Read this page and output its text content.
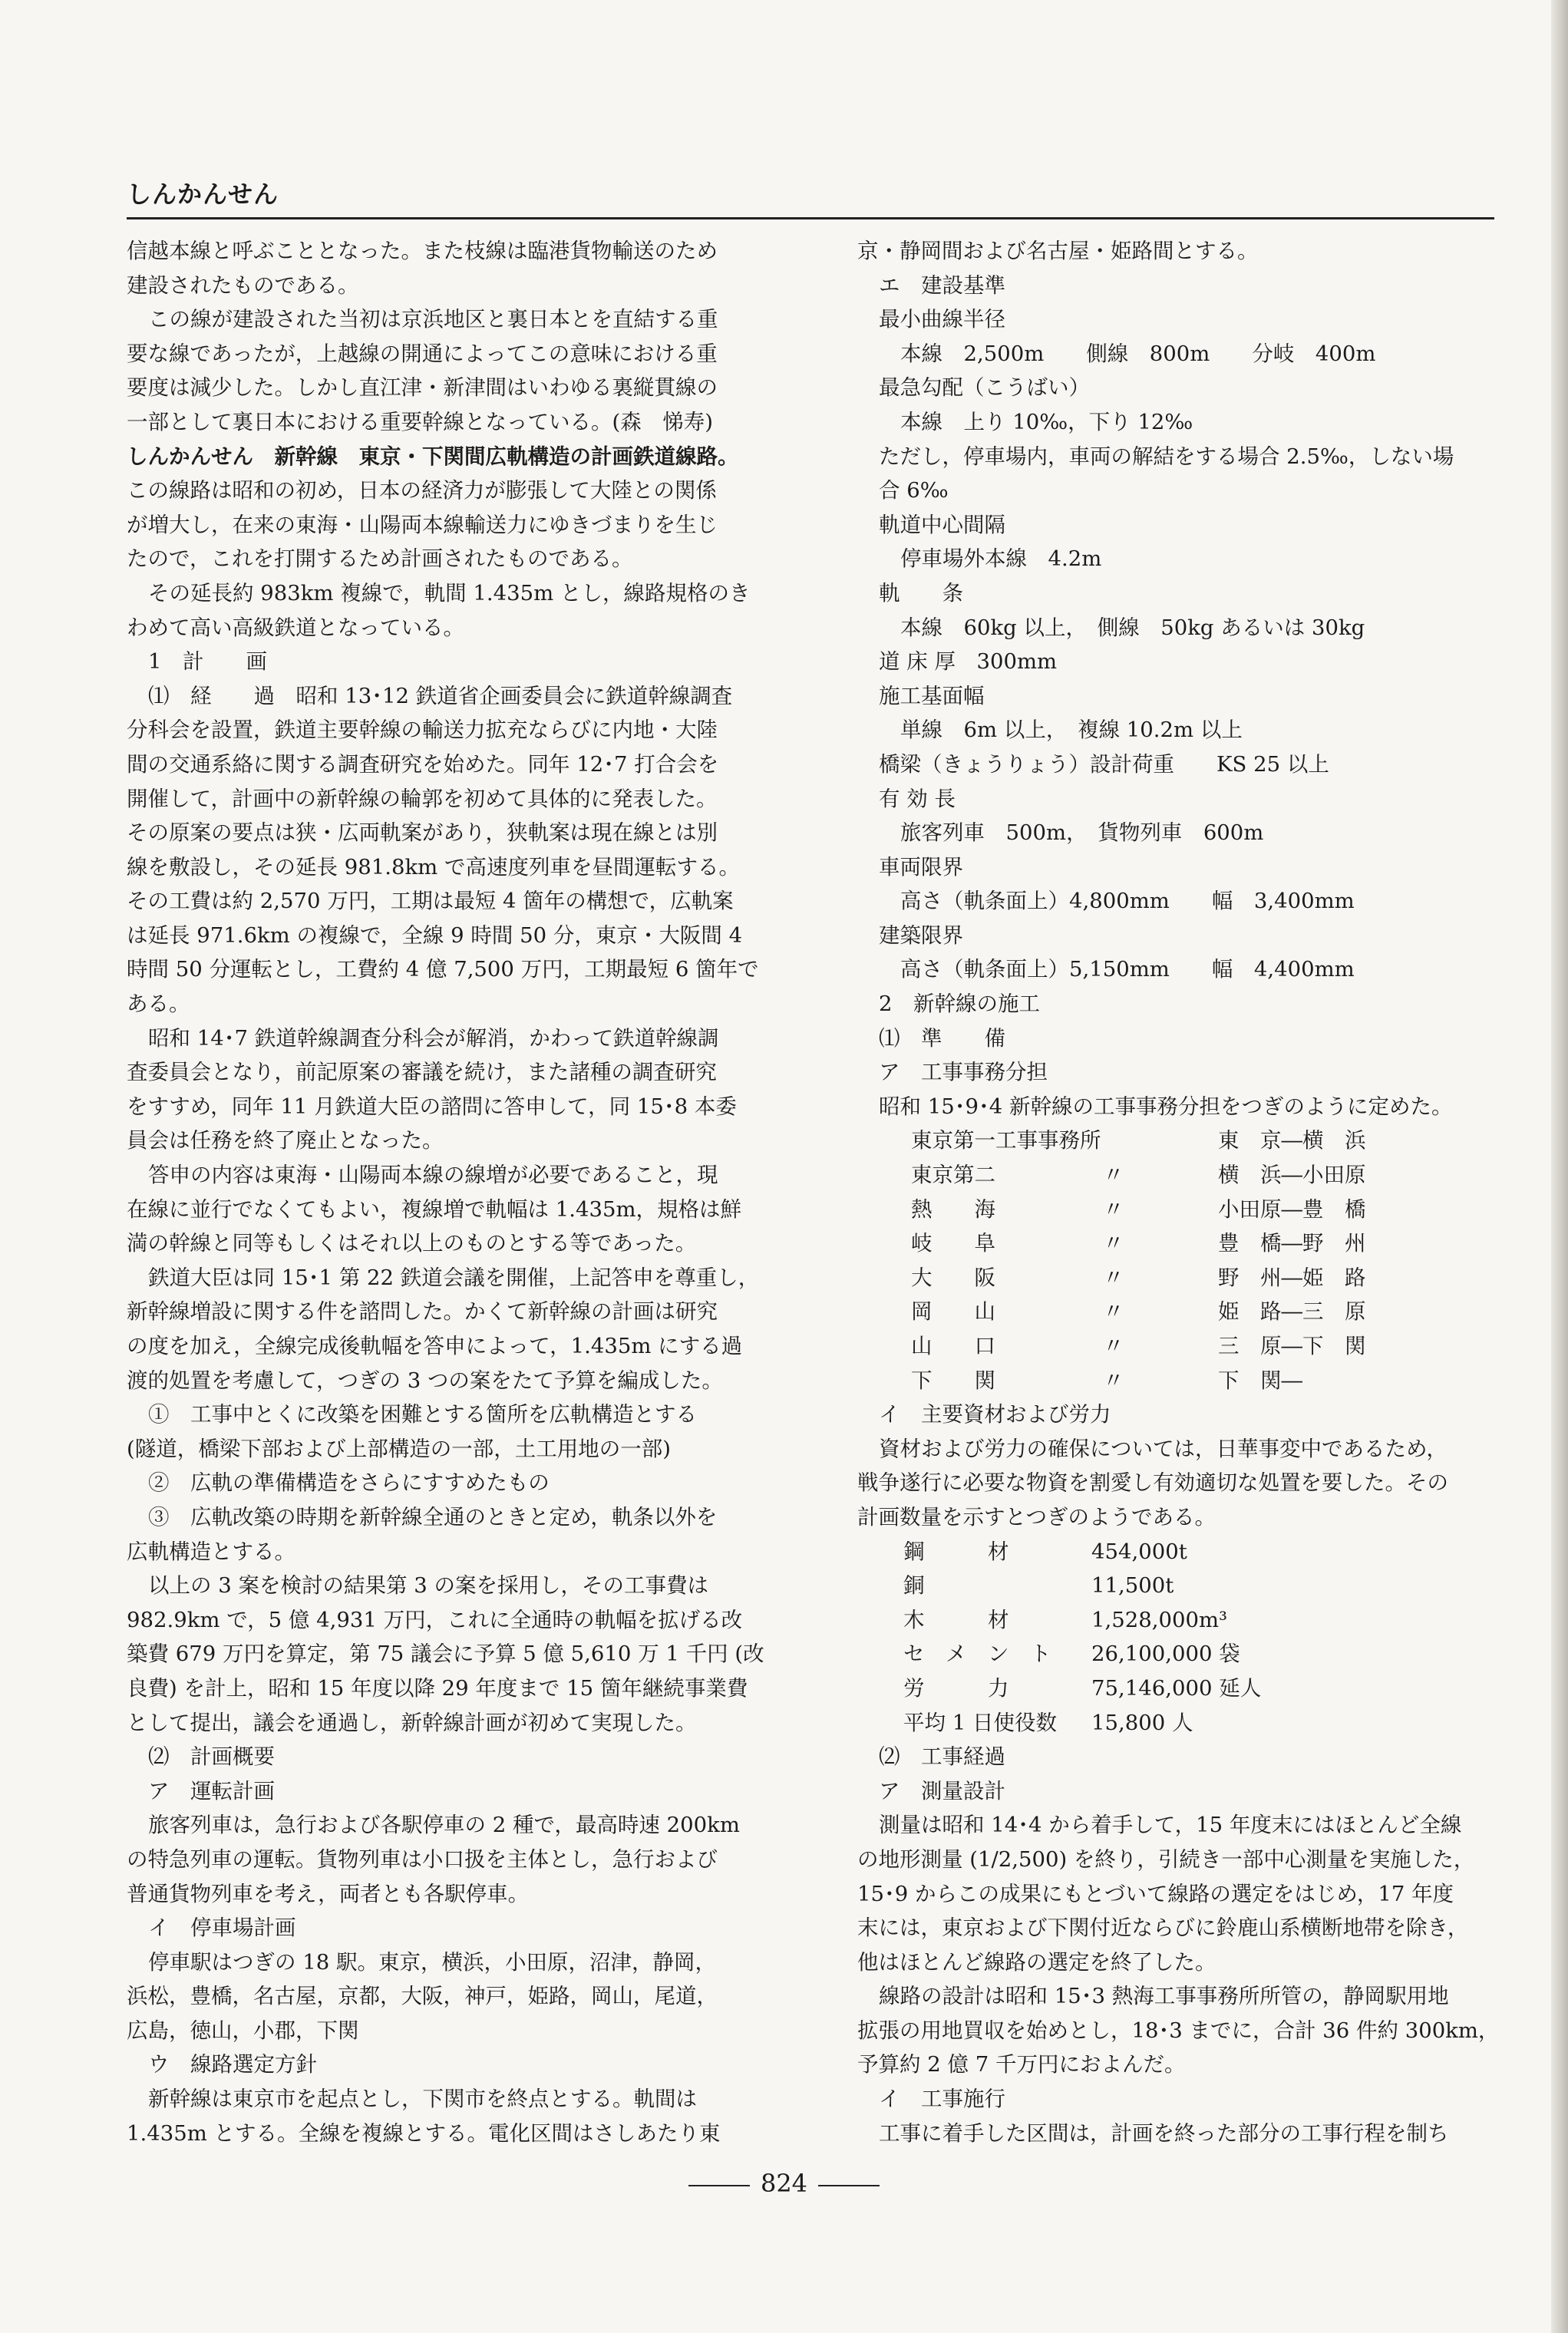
しんかんせん

信越本線と呼ぶこととなった。また枝線は臨港貨物輸送のため

建設されたものである。

この線が建設された当初は京浜地区と裏日本とを直結する重

要な線であったが，上越線の開通によってこの意味における重

要度は減少した。しかし直江津・新津間はいわゆる裏縦貫線の

一部として裏日本における重要幹線となっている。(森　悌寿)

しんかんせん　新幹線　東京・下関間広軌構造の計画鉄道線路。

この線路は昭和の初め，日本の経済力が膨張して大陸との関係

が増大し，在来の東海・山陽両本線輸送力にゆきづまりを生じ

たので，これを打開するため計画されたものである。

その延長約 983km 複線で，軌間 1.435m とし，線路規格のき

わめて高い高級鉄道となっている。

1　計　　画

⑴　経　　過　昭和 13･12 鉄道省企画委員会に鉄道幹線調査

分科会を設置，鉄道主要幹線の輸送力拡充ならびに内地・大陸

間の交通系絡に関する調査研究を始めた。同年 12･7 打合会を

開催して，計画中の新幹線の輪郭を初めて具体的に発表した。

その原案の要点は狭・広両軌案があり，狭軌案は現在線とは別

線を敷設し，その延長 981.8km で高速度列車を昼間運転する。

その工費は約 2,570 万円，工期は最短 4 箇年の構想で，広軌案

は延長 971.6km の複線で，全線 9 時間 50 分，東京・大阪間 4

時間 50 分運転とし，工費約 4 億 7,500 万円，工期最短 6 箇年で

ある。

昭和 14･7 鉄道幹線調査分科会が解消，かわって鉄道幹線調

査委員会となり，前記原案の審議を続け，また諸種の調査研究

をすすめ，同年 11 月鉄道大臣の諮問に答申して，同 15･8 本委

員会は任務を終了廃止となった。

答申の内容は東海・山陽両本線の線増が必要であること，現

在線に並行でなくてもよい，複線増で軌幅は 1.435m，規格は鮮

満の幹線と同等もしくはそれ以上のものとする等であった。

鉄道大臣は同 15･1 第 22 鉄道会議を開催，上記答申を尊重し，

新幹線増設に関する件を諮問した。かくて新幹線の計画は研究

の度を加え，全線完成後軌幅を答申によって，1.435m にする過

渡的処置を考慮して，つぎの 3 つの案をたて予算を編成した。

①　工事中とくに改築を困難とする箇所を広軌構造とする

(隧道，橋梁下部および上部構造の一部，土工用地の一部)

②　広軌の準備構造をさらにすすめたもの

③　広軌改築の時期を新幹線全通のときと定め，軌条以外を

広軌構造とする。

以上の 3 案を検討の結果第 3 の案を採用し，その工事費は

982.9km で，5 億 4,931 万円，これに全通時の軌幅を拡げる改

築費 679 万円を算定，第 75 議会に予算 5 億 5,610 万 1 千円 (改

良費) を計上，昭和 15 年度以降 29 年度まで 15 箇年継続事業費

として提出，議会を通過し，新幹線計画が初めて実現した。

⑵　計画概要

ア　運転計画

旅客列車は，急行および各駅停車の 2 種で，最高時速 200km

の特急列車の運転。貨物列車は小口扱を主体とし，急行および

普通貨物列車を考え，両者とも各駅停車。

イ　停車場計画

停車駅はつぎの 18 駅。東京，横浜，小田原，沼津，静岡，

浜松，豊橋，名古屋，京都，大阪，神戸，姫路，岡山，尾道，

広島，徳山，小郡，下関

ウ　線路選定方針

新幹線は東京市を起点とし，下関市を終点とする。軌間は

1.435m とする。全線を複線とする。電化区間はさしあたり東

京・静岡間および名古屋・姫路間とする。

エ　建設基準

最小曲線半径

本線　2,500m　　側線　800m　　分岐　400m

最急勾配（こうばい）

本線　上り 10‰，下り 12‰

ただし，停車場内，車両の解結をする場合 2.5‰，しない場

合 6‰

軌道中心間隔

停車場外本線　4.2m

軌　　条

本線　60kg 以上，　側線　50kg あるいは 30kg

道 床 厚　300mm

施工基面幅

単線　6m 以上，　複線 10.2m 以上

橋梁（きょうりょう）設計荷重　　KS 25 以上

有 効 長

旅客列車　500m，　貨物列車　600m

車両限界

高さ（軌条面上）4,800mm　　幅　3,400mm

建築限界

高さ（軌条面上）5,150mm　　幅　4,400mm

2　新幹線の施工

⑴　準　　備

ア　工事事務分担

昭和 15･9･4 新幹線の工事事務分担をつぎのように定めた。

東京第一工事事務所		東　京―横　浜
東京第二	〃	横　浜―小田原
熱　　海	〃	小田原―豊　橋
岐　　阜	〃	豊　橋―野　州
大　　阪	〃	野　州―姫　路
岡　　山	〃	姫　路―三　原
山　　口	〃	三　原―下　関
下　　関	〃	下　関―

イ　主要資材および労力

資材および労力の確保については，日華事変中であるため，

戦争遂行に必要な物資を割愛し有効適切な処置を要した。その

計画数量を示すとつぎのようである。

鋼　　　材	454,000t
銅	11,500t
木　　　材	1,528,000m³
セ　メ　ン　ト	26,100,000 袋
労　　　力	75,146,000 延人
平均 1 日使役数	15,800 人

⑵　工事経過

ア　測量設計

測量は昭和 14･4 から着手して，15 年度末にはほとんど全線

の地形測量 (1/2,500) を終り，引続き一部中心測量を実施した，

15･9 からこの成果にもとづいて線路の選定をはじめ，17 年度

末には，東京および下関付近ならびに鈴鹿山系横断地帯を除き，

他はほとんど線路の選定を終了した。

線路の設計は昭和 15･3 熱海工事事務所所管の，静岡駅用地

拡張の用地買収を始めとし，18･3 までに，合計 36 件約 300km，

予算約 2 億 7 千万円におよんだ。

イ　工事施行

工事に着手した区間は，計画を終った部分の工事行程を制ち

824
